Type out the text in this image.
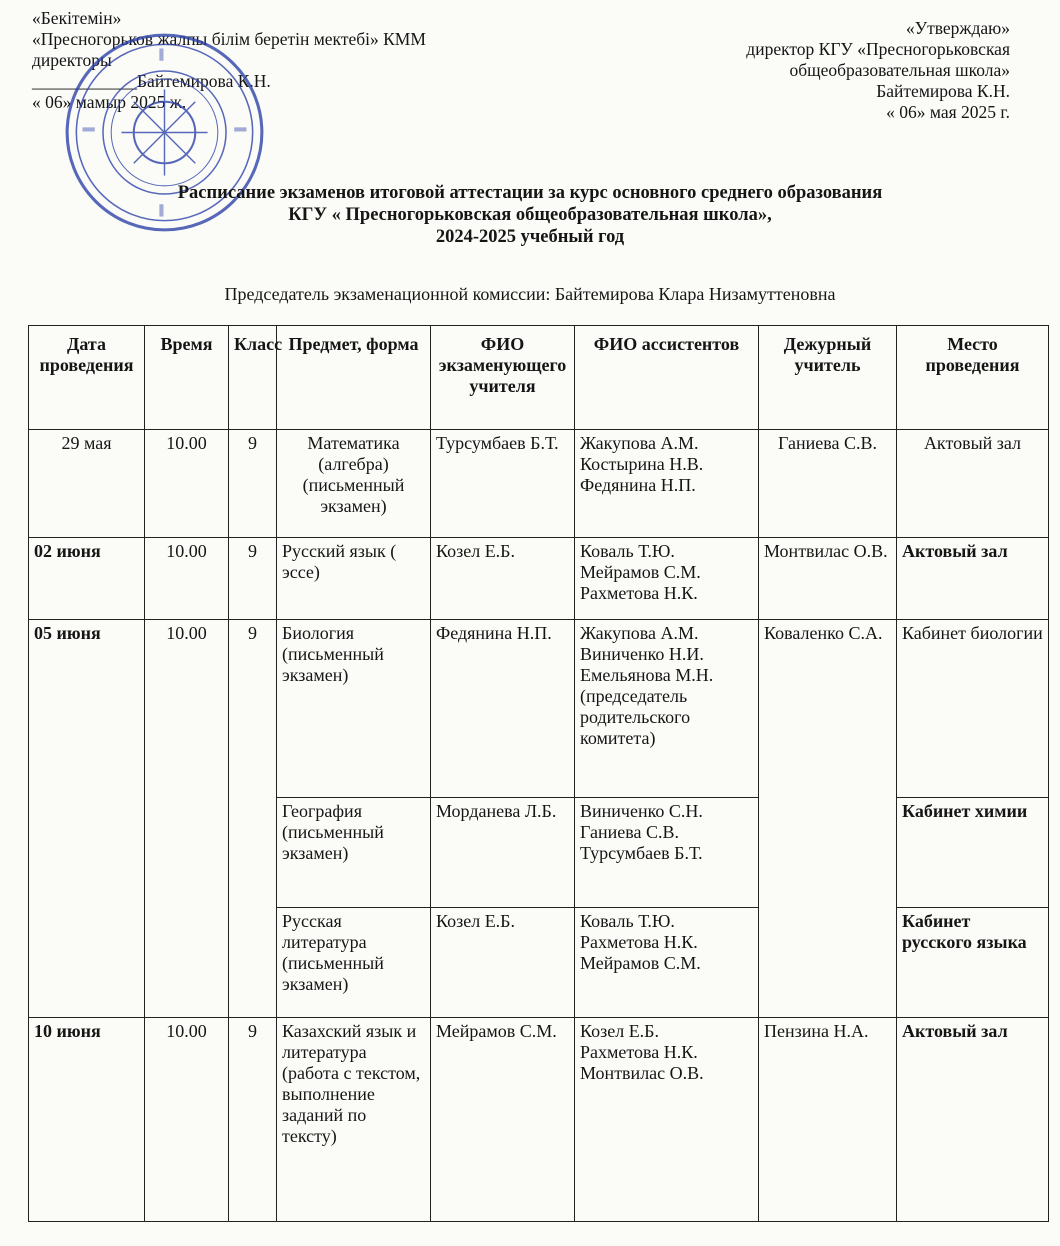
«Бекітемін»
«Пресногорьков жалпы білім беретін мектебі» КММ
директоры
____________Байтемирова К.Н.
« 06» мамыр 2025 ж.
«Утверждаю»
директор КГУ «Пресногорьковская
общеобразовательная школа»
Байтемирова К.Н.
« 06» мая 2025 г.
Расписание экзаменов итоговой аттестации за курс основного среднего образования
КГУ « Пресногорьковская общеобразовательная школа»,
2024-2025 учебный год
Председатель экзаменационной комиссии: Байтемирова Клара Низамуттеновна
Дата проведения	Время	Класс	Предмет, форма	ФИО экзаменующего учителя	ФИО ассистентов	Дежурный учитель	Место проведения
29 мая	10.00	9	Математика (алгебра) (письменный экзамен)	Турсумбаев Б.Т.	Жакупова А.М.
Костырина Н.В.
Федянина Н.П.	Ганиева С.В.	Актовый зал
02 июня	10.00	9	Русский язык ( эссе)	Козел Е.Б.	Коваль Т.Ю.
Мейрамов С.М.
Рахметова Н.К.	Монтвилас О.В.	Актовый зал
05 июня	10.00	9	Биология (письменный экзамен)	Федянина Н.П.	Жакупова А.М.
Виниченко Н.И.
Емельянова М.Н. (председатель родительского комитета)	Коваленко С.А.	Кабинет биологии
			География (письменный экзамен)	Морданева Л.Б.	Виниченко С.Н.
Ганиева С.В.
Турсумбаев Б.Т.		Кабинет химии
			Русская литература (письменный экзамен)	Козел Е.Б.	Коваль Т.Ю.
Рахметова Н.К.
Мейрамов С.М.		Кабинет русского языка
10 июня	10.00	9	Казахский язык и литература (работа с текстом, выполнение заданий по тексту)	Мейрамов С.М.	Козел Е.Б.
Рахметова Н.К.
Монтвилас О.В.	Пензина Н.А.	Актовый зал
